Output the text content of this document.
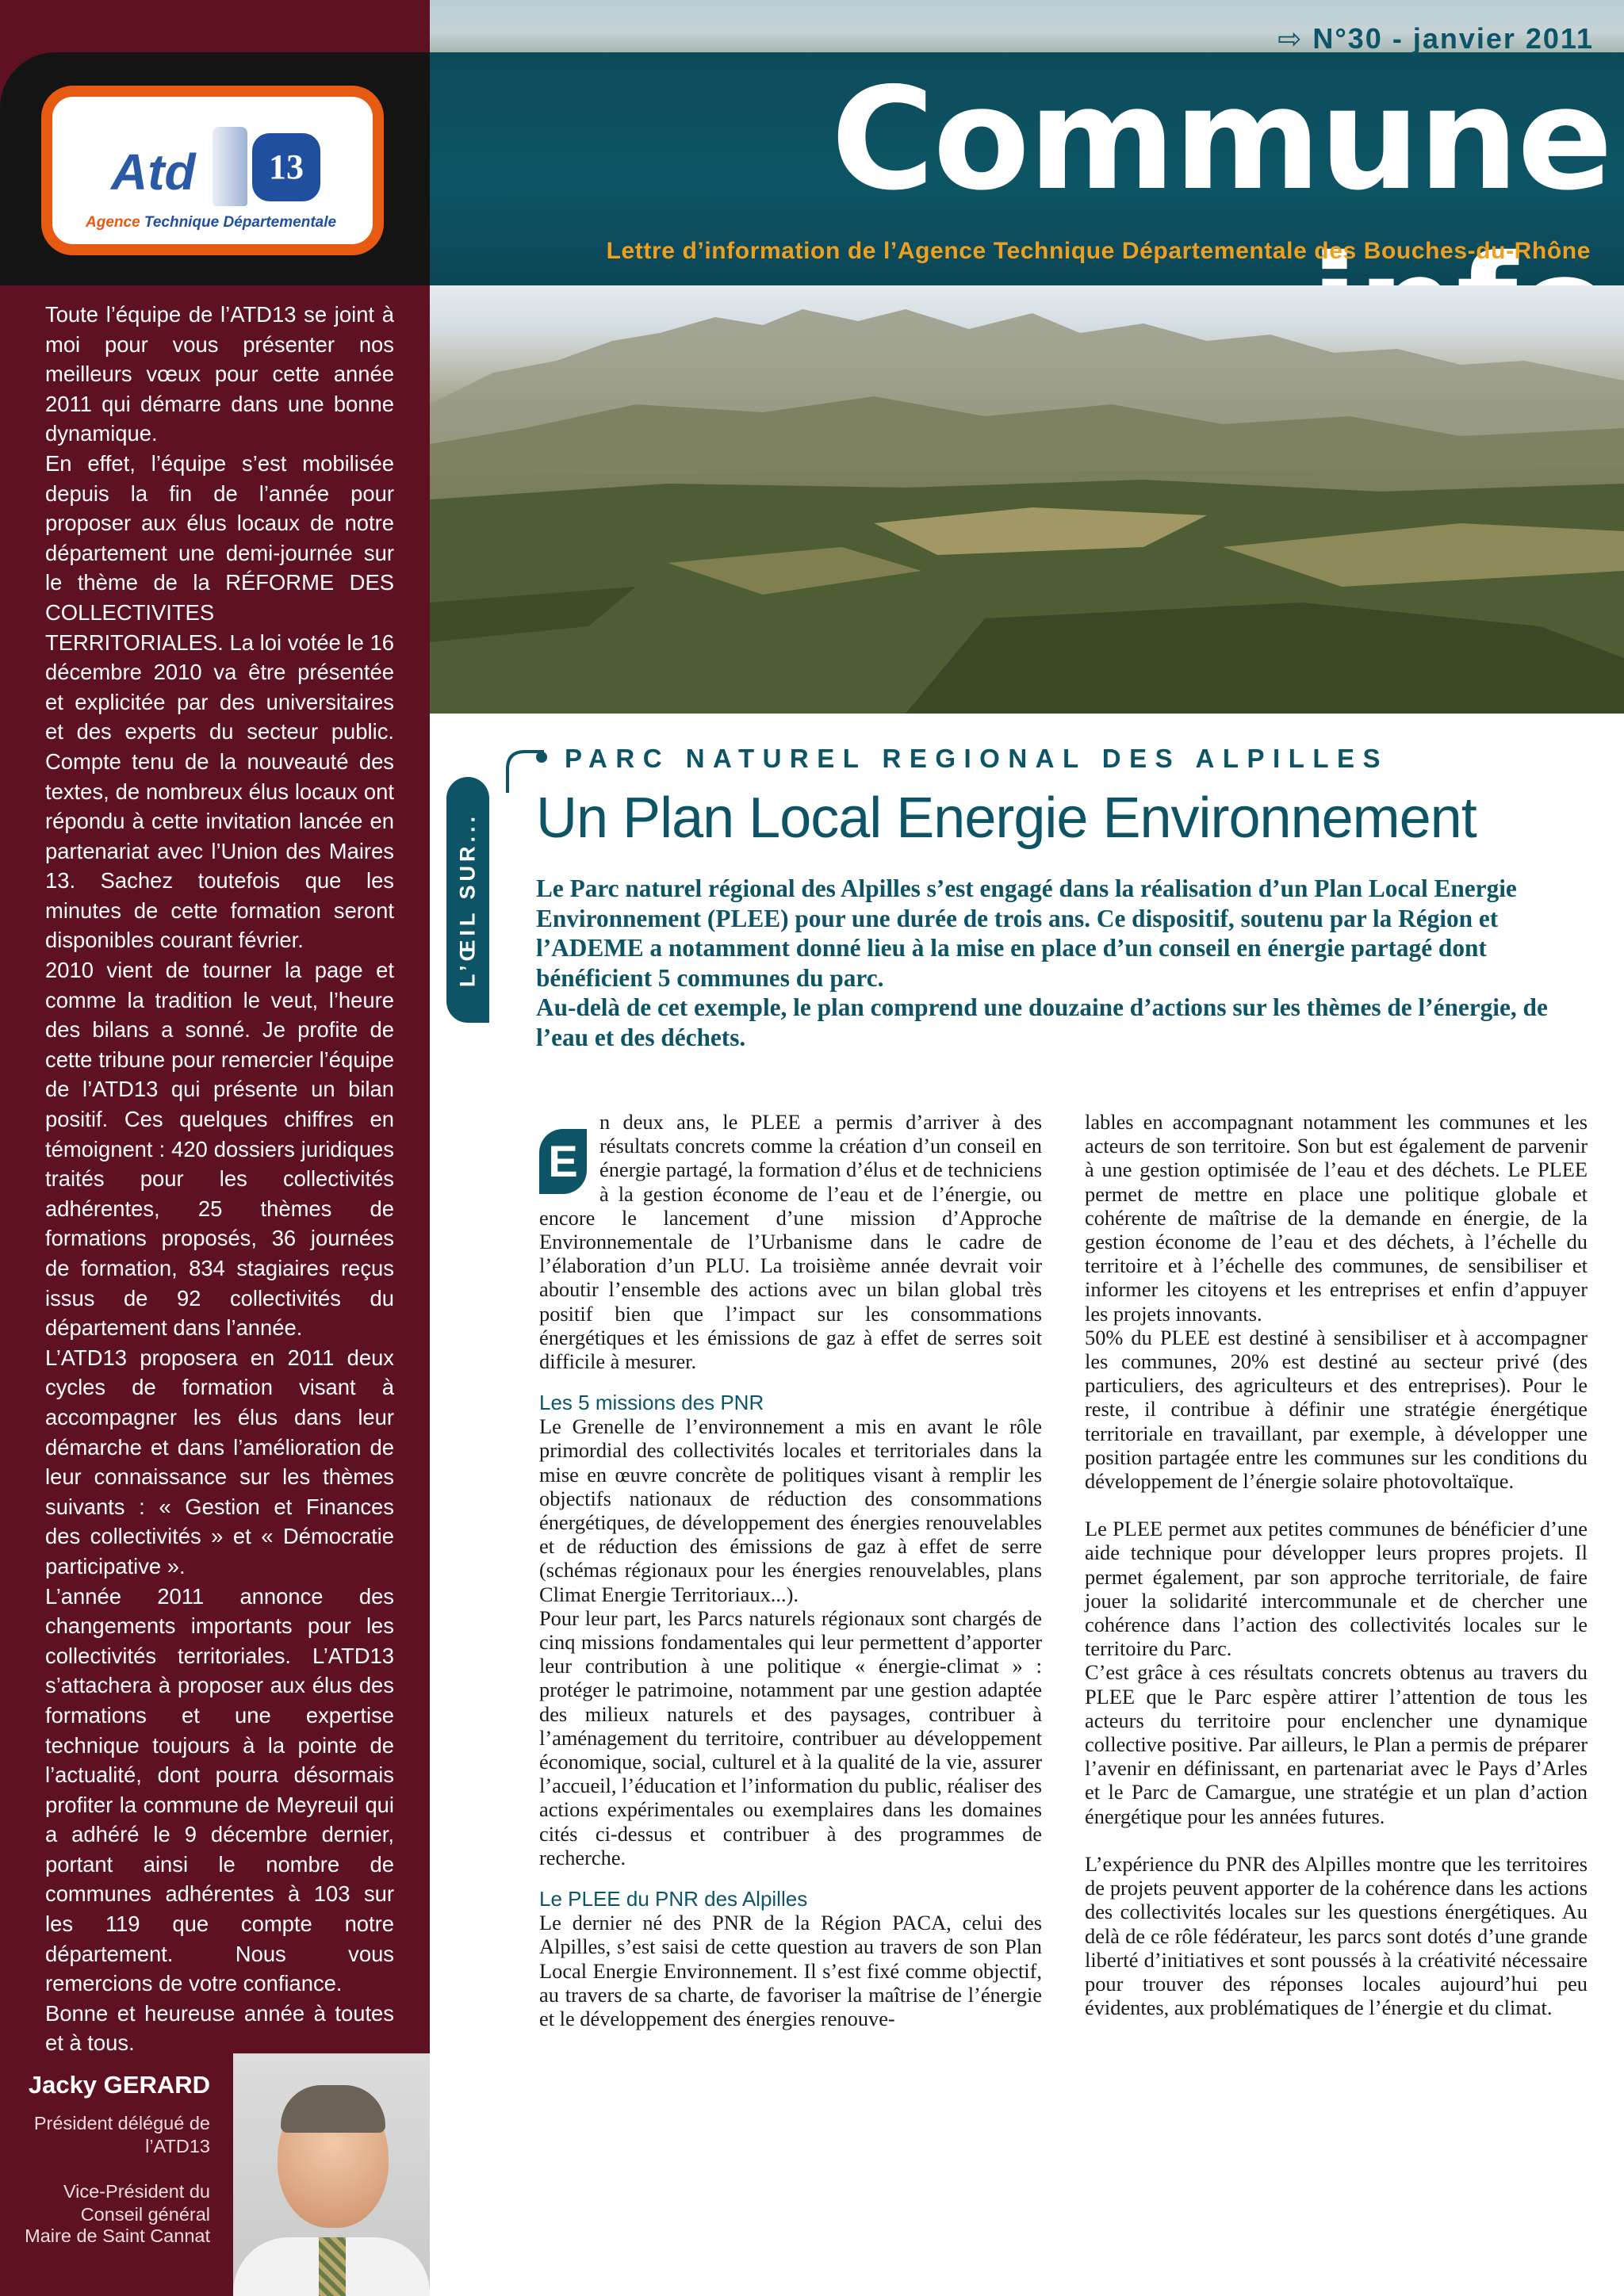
Atd	13
Agence Technique Départementale
⇨ N°30 - janvier 2011
Commune
Lettre d’information de l’Agence Technique Départementale des Bouches-du-Rhône

Toute l’équipe de l’ATD13 se joint à moi pour vous présenter nos meilleurs vœux pour cette année 2011 qui démarre dans une bonne dynamique.

En effet, l’équipe s’est mobilisée depuis la fin de l’année pour proposer aux élus locaux de notre département une demi-journée sur le thème de la RÉFORME DES COLLECTIVITES TERRITORIALES. La loi votée le 16 décembre 2010 va être présentée et explicitée par des universitaires et des experts du secteur public. Compte tenu de la nouveauté des textes, de nombreux élus locaux ont répondu à cette invitation lancée en partenariat avec l’Union des Maires 13. Sachez toutefois que les minutes de cette formation seront disponibles courant février.

2010 vient de tourner la page et comme la tradition le veut, l’heure des bilans a sonné. Je profite de cette tribune pour remercier l’équipe de l’ATD13 qui présente un bilan positif. Ces quelques chiffres en témoignent : 420 dossiers juridiques traités pour les collectivités adhérentes, 25 thèmes de formations proposés, 36 journées de formation, 834 stagiaires reçus issus de 92 collectivités du département dans l’année.

L’ATD13 proposera en 2011 deux cycles de formation visant à accompagner les élus dans leur démarche et dans l’amélioration de leur connaissance sur les thèmes suivants : « Gestion et Finances des collectivités » et « Démocratie participative ».

L’année 2011 annonce des changements importants pour les collectivités territoriales. L’ATD13 s’attachera à proposer aux élus des formations et une expertise technique toujours à la pointe de l’actualité, dont pourra désormais profiter la commune de Meyreuil qui a adhéré le 9 décembre dernier, portant ainsi le nombre de communes adhérentes à 103 sur les 119 que compte notre département. Nous vous remercions de votre confiance.

Bonne et heureuse année à toutes et à tous.

Jacky GERARD
Président délégué de l’ATD13
Vice-Président du Conseil général
Maire de Saint Cannat
L’ŒIL SUR...
PARC NATUREL REGIONAL DES ALPILLES
Un Plan Local Energie Environnement

Le Parc naturel régional des Alpilles s’est engagé dans la réalisation d’un Plan Local Energie Environnement (PLEE) pour une durée de trois ans. Ce dispositif, soutenu par la Région et l’ADEME a notamment donné lieu à la mise en place d’un conseil en énergie partagé dont bénéficient 5 communes du parc.

Au-delà de cet exemple, le plan comprend une douzaine d’actions sur les thèmes de l’énergie, de l’eau et des déchets.

n deux ans, le PLEE a permis d’arriver à des résultats concrets comme la création d’un conseil en énergie partagé, la formation d’élus et de techniciens à la gestion économe de l’eau et de l’énergie, ou encore le lancement d’une mission d’Approche Environnementale de l’Urbanisme dans le cadre de l’élaboration d’un PLU. La troisième année devrait voir aboutir l’ensemble des actions avec un bilan global très positif bien que l’impact sur les consommations énergétiques et les émissions de gaz à effet de serres soit difficile à mesurer.

Les 5 missions des PNR

Le Grenelle de l’environnement a mis en avant le rôle primordial des collectivités locales et territoriales dans la mise en œuvre concrète de politiques visant à remplir les objectifs nationaux de réduction des consommations énergétiques, de développement des énergies renouvelables et de réduction des émissions de gaz à effet de serre (schémas régionaux pour les énergies renouvelables, plans Climat Energie Territoriaux...).

Pour leur part, les Parcs naturels régionaux sont chargés de cinq missions fondamentales qui leur permettent d’apporter leur contribution à une politique « énergie-climat » : protéger le patrimoine, notamment par une gestion adaptée des milieux naturels et des paysages, contribuer à l’aménagement du territoire, contribuer au développement économique, social, culturel et à la qualité de la vie, assurer l’accueil, l’éducation et l’information du public, réaliser des actions expérimentales ou exemplaires dans les domaines cités ci-dessus et contribuer à des programmes de recherche.

Le PLEE du PNR des Alpilles

Le dernier né des PNR de la Région PACA, celui des Alpilles, s’est saisi de cette question au travers de son Plan Local Energie Environnement. Il s’est fixé comme objectif, au travers de sa charte, de favoriser la maîtrise de l’énergie et le développement des énergies renouve-

E

lables en accompagnant notamment les communes et les acteurs de son territoire. Son but est également de parvenir à une gestion optimisée de l’eau et des déchets. Le PLEE permet de mettre en place une politique globale et cohérente de maîtrise de la demande en énergie, de la gestion économe de l’eau et des déchets, à l’échelle du territoire et à l’échelle des communes, de sensibiliser et informer les citoyens et les entreprises et enfin d’appuyer les projets innovants.

50% du PLEE est destiné à sensibiliser et à accompagner les communes, 20% est destiné au secteur privé (des particuliers, des agriculteurs et des entreprises). Pour le reste, il contribue à définir une stratégie énergétique territoriale en travaillant, par exemple, à développer une position partagée entre les communes sur les conditions du développement de l’énergie solaire photovoltaïque.

Le PLEE permet aux petites communes de bénéficier d’une aide technique pour développer leurs propres projets. Il permet également, par son approche territoriale, de faire jouer la solidarité intercommunale et de chercher une cohérence dans l’action des collectivités locales sur le territoire du Parc.

C’est grâce à ces résultats concrets obtenus au travers du PLEE que le Parc espère attirer l’attention de tous les acteurs du territoire pour enclencher une dynamique collective positive. Par ailleurs, le Plan a permis de préparer l’avenir en définissant, en partenariat avec le Pays d’Arles et le Parc de Camargue, une stratégie et un plan d’action énergétique pour les années futures.

L’expérience du PNR des Alpilles montre que les territoires de projets peuvent apporter de la cohérence dans les actions des collectivités locales sur les questions énergétiques. Au delà de ce rôle fédérateur, les parcs sont dotés d’une grande liberté d’initiatives et sont poussés à la créativité nécessaire pour trouver des réponses locales aujourd’hui peu évidentes, aux problématiques de l’énergie et du climat.
